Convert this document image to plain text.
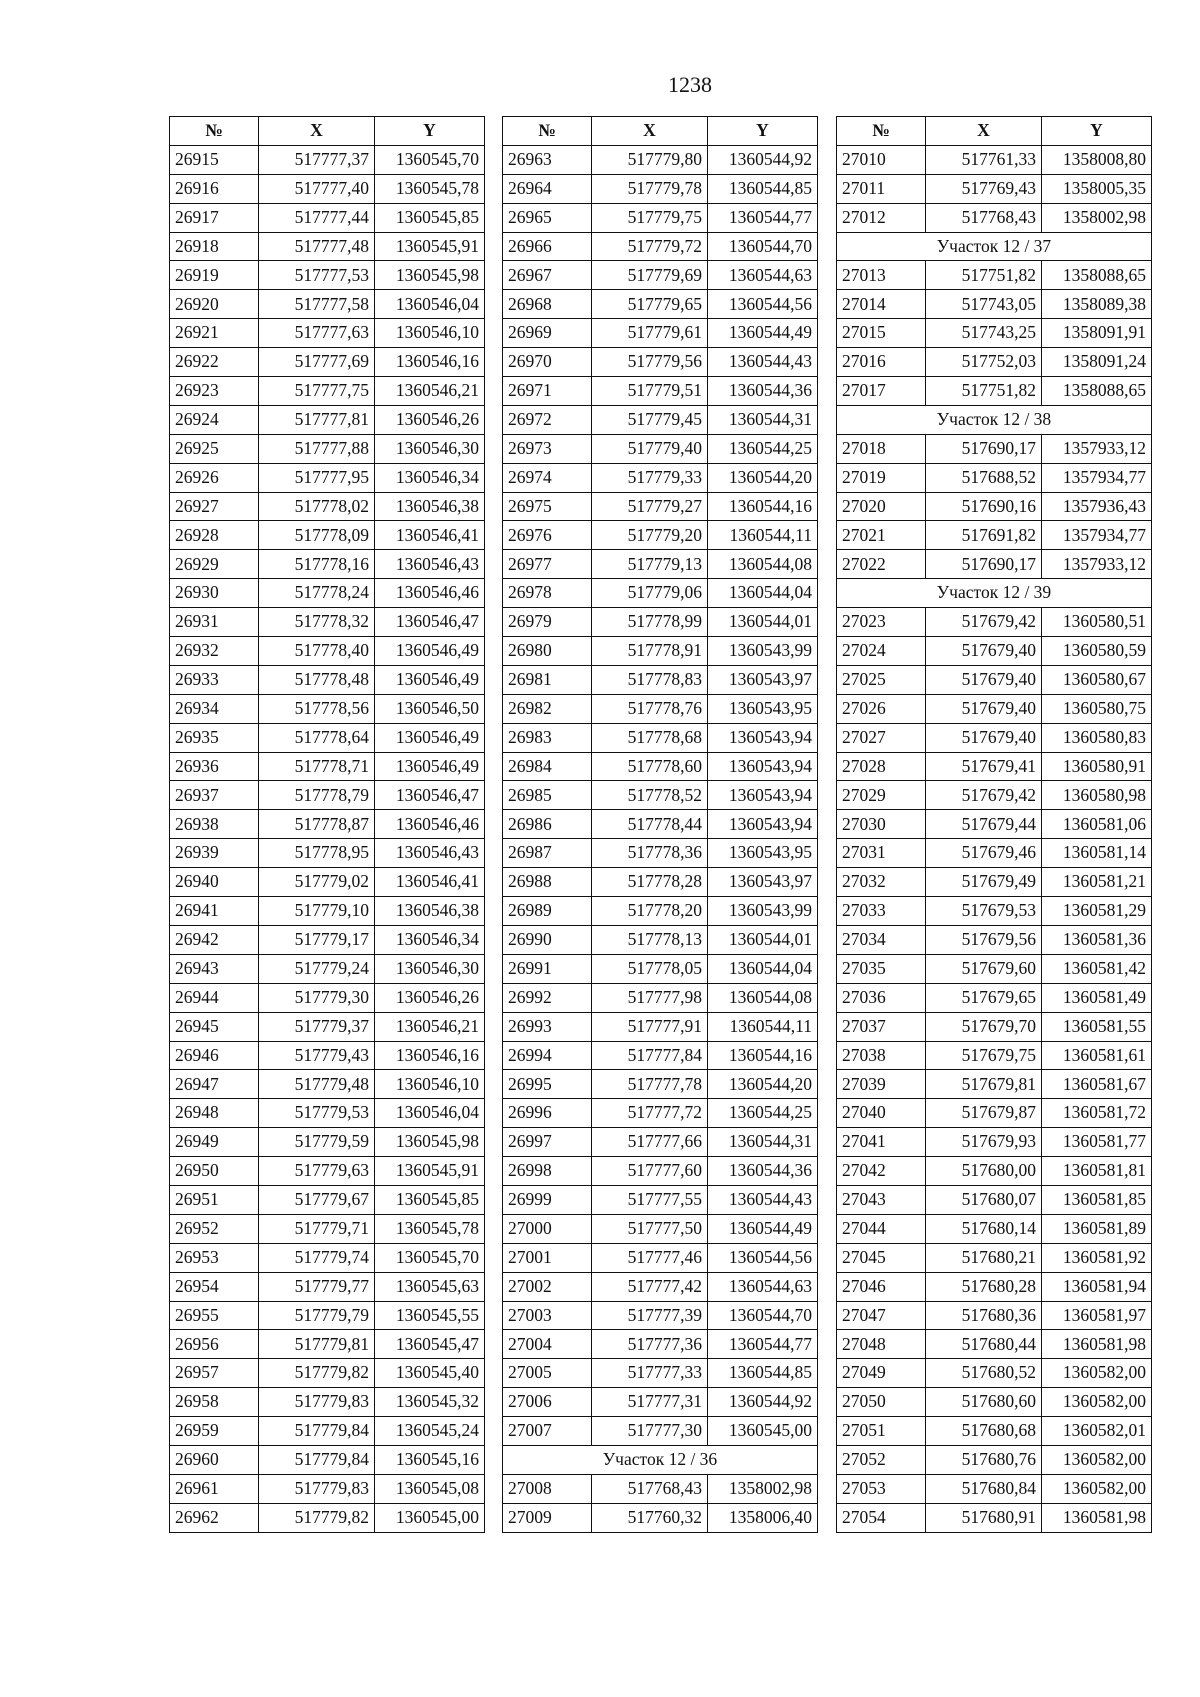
1238
№	X	Y
26915	517777,37	1360545,70
26916	517777,40	1360545,78
26917	517777,44	1360545,85
26918	517777,48	1360545,91
26919	517777,53	1360545,98
26920	517777,58	1360546,04
26921	517777,63	1360546,10
26922	517777,69	1360546,16
26923	517777,75	1360546,21
26924	517777,81	1360546,26
26925	517777,88	1360546,30
26926	517777,95	1360546,34
26927	517778,02	1360546,38
26928	517778,09	1360546,41
26929	517778,16	1360546,43
26930	517778,24	1360546,46
26931	517778,32	1360546,47
26932	517778,40	1360546,49
26933	517778,48	1360546,49
26934	517778,56	1360546,50
26935	517778,64	1360546,49
26936	517778,71	1360546,49
26937	517778,79	1360546,47
26938	517778,87	1360546,46
26939	517778,95	1360546,43
26940	517779,02	1360546,41
26941	517779,10	1360546,38
26942	517779,17	1360546,34
26943	517779,24	1360546,30
26944	517779,30	1360546,26
26945	517779,37	1360546,21
26946	517779,43	1360546,16
26947	517779,48	1360546,10
26948	517779,53	1360546,04
26949	517779,59	1360545,98
26950	517779,63	1360545,91
26951	517779,67	1360545,85
26952	517779,71	1360545,78
26953	517779,74	1360545,70
26954	517779,77	1360545,63
26955	517779,79	1360545,55
26956	517779,81	1360545,47
26957	517779,82	1360545,40
26958	517779,83	1360545,32
26959	517779,84	1360545,24
26960	517779,84	1360545,16
26961	517779,83	1360545,08
26962	517779,82	1360545,00
№	X	Y
26963	517779,80	1360544,92
26964	517779,78	1360544,85
26965	517779,75	1360544,77
26966	517779,72	1360544,70
26967	517779,69	1360544,63
26968	517779,65	1360544,56
26969	517779,61	1360544,49
26970	517779,56	1360544,43
26971	517779,51	1360544,36
26972	517779,45	1360544,31
26973	517779,40	1360544,25
26974	517779,33	1360544,20
26975	517779,27	1360544,16
26976	517779,20	1360544,11
26977	517779,13	1360544,08
26978	517779,06	1360544,04
26979	517778,99	1360544,01
26980	517778,91	1360543,99
26981	517778,83	1360543,97
26982	517778,76	1360543,95
26983	517778,68	1360543,94
26984	517778,60	1360543,94
26985	517778,52	1360543,94
26986	517778,44	1360543,94
26987	517778,36	1360543,95
26988	517778,28	1360543,97
26989	517778,20	1360543,99
26990	517778,13	1360544,01
26991	517778,05	1360544,04
26992	517777,98	1360544,08
26993	517777,91	1360544,11
26994	517777,84	1360544,16
26995	517777,78	1360544,20
26996	517777,72	1360544,25
26997	517777,66	1360544,31
26998	517777,60	1360544,36
26999	517777,55	1360544,43
27000	517777,50	1360544,49
27001	517777,46	1360544,56
27002	517777,42	1360544,63
27003	517777,39	1360544,70
27004	517777,36	1360544,77
27005	517777,33	1360544,85
27006	517777,31	1360544,92
27007	517777,30	1360545,00
Участок 12 / 36		
27008	517768,43	1358002,98
27009	517760,32	1358006,40
№	X	Y
27010	517761,33	1358008,80
27011	517769,43	1358005,35
27012	517768,43	1358002,98
Участок 12 / 37		
27013	517751,82	1358088,65
27014	517743,05	1358089,38
27015	517743,25	1358091,91
27016	517752,03	1358091,24
27017	517751,82	1358088,65
Участок 12 / 38		
27018	517690,17	1357933,12
27019	517688,52	1357934,77
27020	517690,16	1357936,43
27021	517691,82	1357934,77
27022	517690,17	1357933,12
Участок 12 / 39		
27023	517679,42	1360580,51
27024	517679,40	1360580,59
27025	517679,40	1360580,67
27026	517679,40	1360580,75
27027	517679,40	1360580,83
27028	517679,41	1360580,91
27029	517679,42	1360580,98
27030	517679,44	1360581,06
27031	517679,46	1360581,14
27032	517679,49	1360581,21
27033	517679,53	1360581,29
27034	517679,56	1360581,36
27035	517679,60	1360581,42
27036	517679,65	1360581,49
27037	517679,70	1360581,55
27038	517679,75	1360581,61
27039	517679,81	1360581,67
27040	517679,87	1360581,72
27041	517679,93	1360581,77
27042	517680,00	1360581,81
27043	517680,07	1360581,85
27044	517680,14	1360581,89
27045	517680,21	1360581,92
27046	517680,28	1360581,94
27047	517680,36	1360581,97
27048	517680,44	1360581,98
27049	517680,52	1360582,00
27050	517680,60	1360582,00
27051	517680,68	1360582,01
27052	517680,76	1360582,00
27053	517680,84	1360582,00
27054	517680,91	1360581,98
